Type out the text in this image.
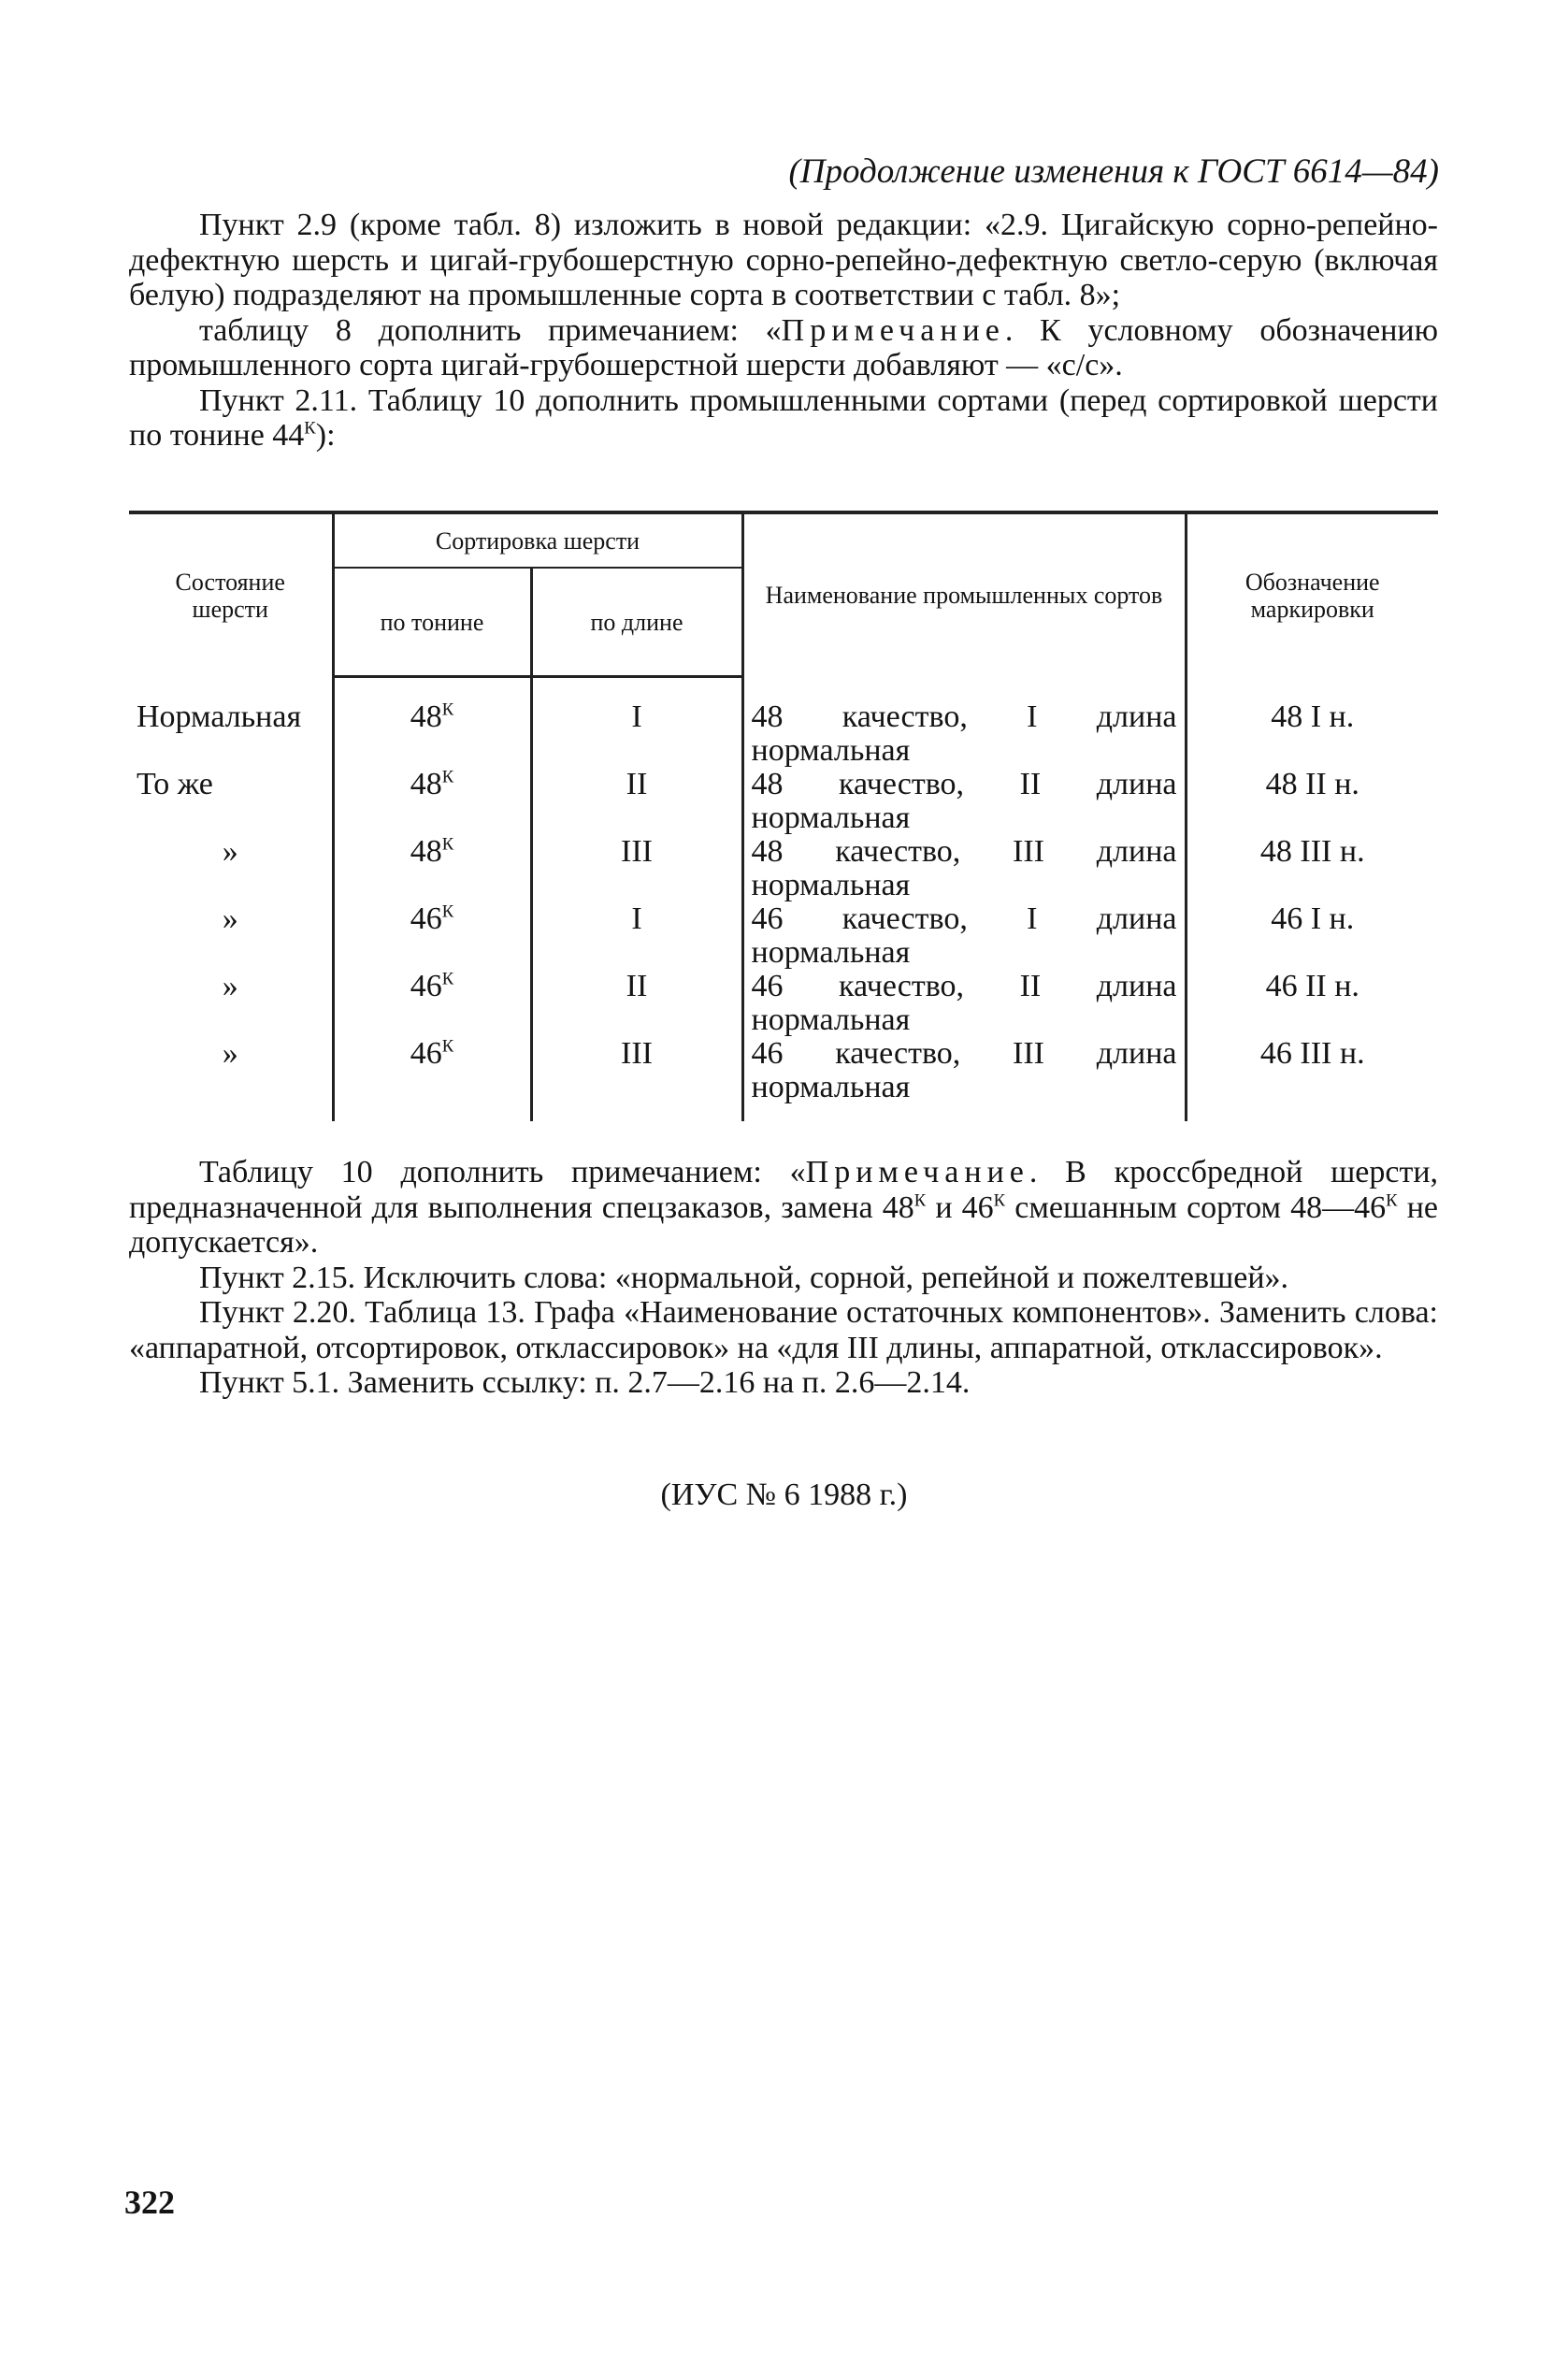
(Продолжение изменения к ГОСТ 6614—84)

Пункт 2.9 (кроме табл. 8) изложить в новой редакции: «2.9. Цигайскую сорно-репейно-дефектную шерсть и цигай-грубошерстную сорно-репейно-дефектную светло-серую (включая белую) подразделяют на промышленные сорта в соответствии с табл. 8»;

таблицу 8 дополнить примечанием: «Примечание. К условному обозначению промышленного сорта цигай-грубошерстной шерсти добавляют — «с/с».

Пункт 2.11. Таблицу 10 дополнить промышленными сортами (перед сортировкой шерсти по тонине $44^К$):

Состояние шерсти	Сортировка шерсти		Наименование промышленных сортов	Обозначение маркировки
	по тонине	по длине		

Нормальная	$48^К$	I	48 качество, I длина нормальная	48 I н.
То же	$48^К$	II	48 качество, II длина нормальная	48 II н.
»	$48^К$	III	48 качество, III длина нормальная	48 III н.
»	$46^К$	I	46 качество, I длина нормальная	46 I н.
»	$46^К$	II	46 качество, II длина нормальная	46 II н.
»	$46^К$	III	46 качество, III длина нормальная	46 III н.

Таблицу 10 дополнить примечанием: «Примечание. В кроссбредной шерсти, предназначенной для выполнения спецзаказов, замена $48^К$ и $46^К$ смешанным сортом $48—46^К$ не допускается».

Пункт 2.15. Исключить слова: «нормальной, сорной, репейной и пожелтевшей».

Пункт 2.20. Таблица 13. Графа «Наименование остаточных компонентов». Заменить слова: «аппаратной, отсортировок, отклассировок» на «для III длины, аппаратной, отклассировок».

Пункт 5.1. Заменить ссылку: п. 2.7—2.16 на п. 2.6—2.14.

(ИУС № 6 1988 г.)
322
